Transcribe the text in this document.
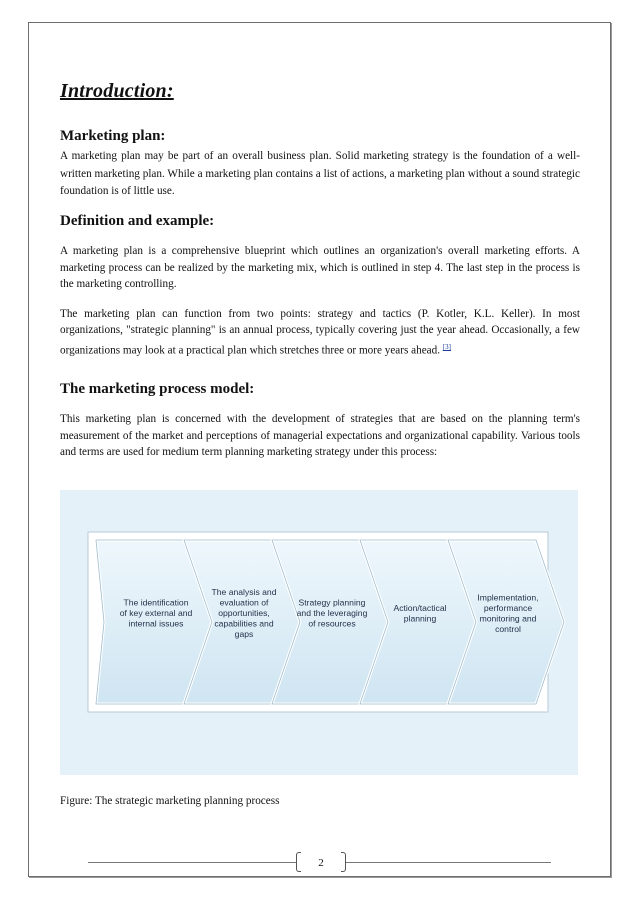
Introduction:
Marketing plan:

A marketing plan may be part of an overall business plan. Solid marketing strategy is the foundation of a well-written marketing plan. While a marketing plan contains a list of actions, a marketing plan without a sound strategic foundation is of little use.

Definition and example:

A marketing plan is a comprehensive blueprint which outlines an organization's overall marketing efforts. A marketing process can be realized by the marketing mix, which is outlined in step 4. The last step in the process is the marketing controlling.

The marketing plan can function from two points: strategy and tactics (P. Kotler, K.L. Keller). In most organizations, "strategic planning" is an annual process, typically covering just the year ahead. Occasionally, a few organizations may look at a practical plan which stretches three or more years ahead. [3]

The marketing process model:

This marketing plan is concerned with the development of strategies that are based on the planning term's measurement of the market and perceptions of managerial expectations and organizational capability. Various tools and terms are used for medium term planning marketing strategy under this process:

The identification of key external and internal issues
The analysis and evaluation of opportunities, capabilities and gaps
Strategy planning and the leveraging of resources
Action/tactical planning
Implementation, performance monitoring and control

Figure: The strategic marketing planning process

2
